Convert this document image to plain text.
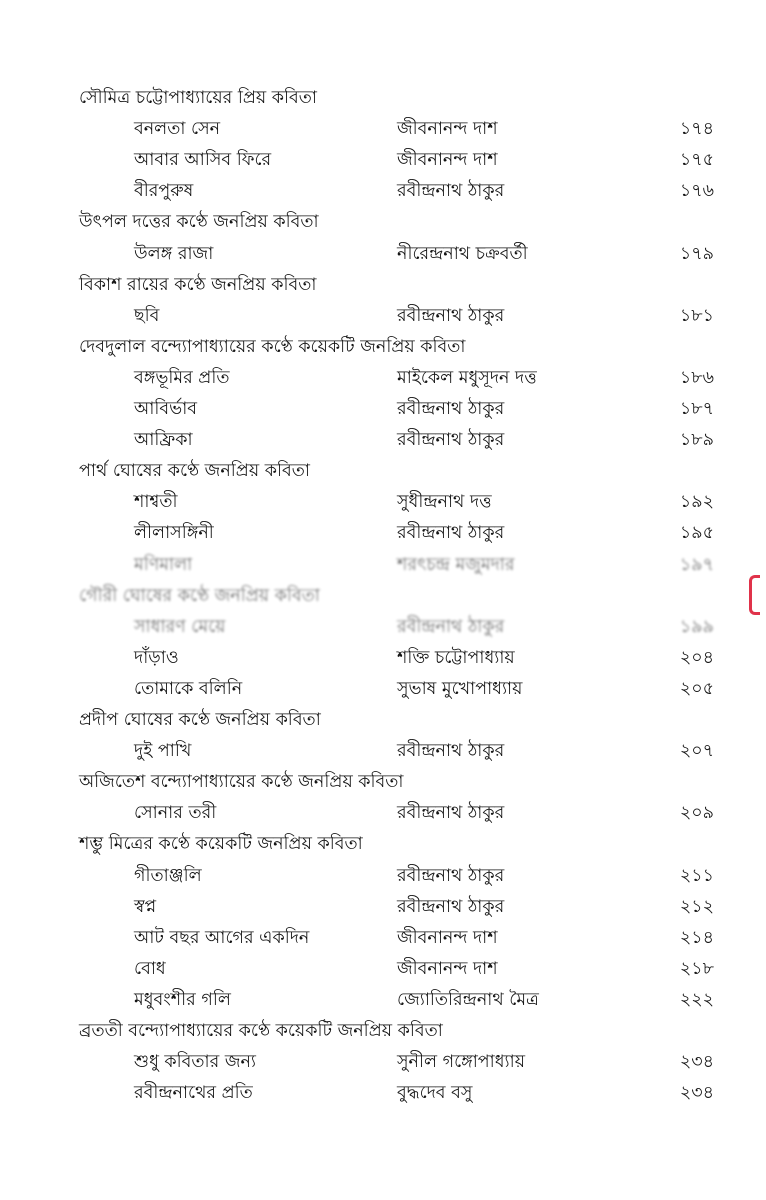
সৌমিত্র চট্টোপাধ্যায়ের প্রিয় কবিতা
বনলতা সেন	জীবনানন্দ দাশ	১৭৪
আবার আসিব ফিরে	জীবনানন্দ দাশ	১৭৫
বীরপুরুষ	রবীন্দ্রনাথ ঠাকুর	১৭৬
উৎপল দত্তের কণ্ঠে জনপ্রিয় কবিতা
উলঙ্গ রাজা	নীরেন্দ্রনাথ চক্রবর্তী	১৭৯
বিকাশ রায়ের কণ্ঠে জনপ্রিয় কবিতা
ছবি	রবীন্দ্রনাথ ঠাকুর	১৮১
দেবদুলাল বন্দ্যোপাধ্যায়ের কণ্ঠে কয়েকটি জনপ্রিয় কবিতা
বঙ্গভূমির প্রতি	মাইকেল মধুসূদন দত্ত	১৮৬
আবির্ভাব	রবীন্দ্রনাথ ঠাকুর	১৮৭
আফ্রিকা	রবীন্দ্রনাথ ঠাকুর	১৮৯
পার্থ ঘোষের কণ্ঠে জনপ্রিয় কবিতা
শাশ্বতী	সুধীন্দ্রনাথ দত্ত	১৯২
লীলাসঙ্গিনী	রবীন্দ্রনাথ ঠাকুর	১৯৫
মণিমালা	শরৎচন্দ্র মজুমদার	১৯৭
গৌরী ঘোষের কণ্ঠে জনপ্রিয় কবিতা
সাধারণ মেয়ে	রবীন্দ্রনাথ ঠাকুর	১৯৯
দাঁড়াও	শক্তি চট্টোপাধ্যায়	২০৪
তোমাকে বলিনি	সুভাষ মুখোপাধ্যায়	২০৫
প্রদীপ ঘোষের কণ্ঠে জনপ্রিয় কবিতা
দুই পাখি	রবীন্দ্রনাথ ঠাকুর	২০৭
অজিতেশ বন্দ্যোপাধ্যায়ের কণ্ঠে জনপ্রিয় কবিতা
সোনার তরী	রবীন্দ্রনাথ ঠাকুর	২০৯
শম্ভু মিত্রের কণ্ঠে কয়েকটি জনপ্রিয় কবিতা
গীতাঞ্জলি	রবীন্দ্রনাথ ঠাকুর	২১১
স্বপ্ন	রবীন্দ্রনাথ ঠাকুর	২১২
আট বছর আগের একদিন	জীবনানন্দ দাশ	২১৪
বোধ	জীবনানন্দ দাশ	২১৮
মধুবংশীর গলি	জ্যোতিরিন্দ্রনাথ মৈত্র	২২২
ব্রততী বন্দ্যোপাধ্যায়ের কণ্ঠে কয়েকটি জনপ্রিয় কবিতা
শুধু কবিতার জন্য	সুনীল গঙ্গোপাধ্যায়	২৩৪
রবীন্দ্রনাথের প্রতি	বুদ্ধদেব বসু	২৩৪
